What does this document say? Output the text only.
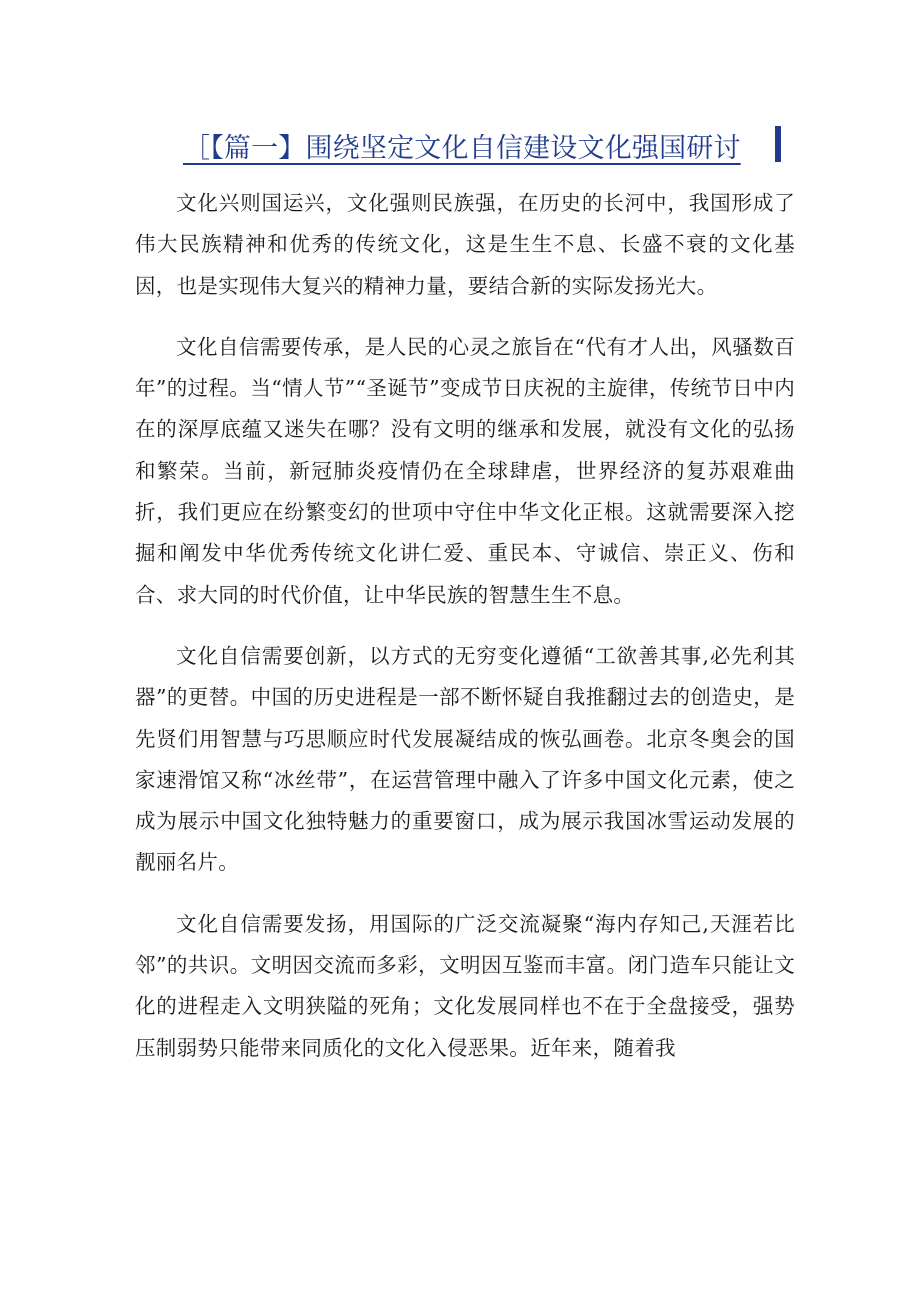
［【篇一】围绕坚定文化自信建设文化强国研讨

文化兴则国运兴，文化强则民族强，在历史的长河中，我国形成了伟大民族精神和优秀的传统文化，这是生生不息、长盛不衰的文化基因，也是实现伟大复兴的精神力量，要结合新的实际发扬光大。

文化自信需要传承，是人民的心灵之旅旨在“代有才人出，风骚数百年”的过程。当“情人节”“圣诞节”变成节日庆祝的主旋律，传统节日中内在的深厚底蕴又迷失在哪？没有文明的继承和发展，就没有文化的弘扬和繁荣。当前，新冠肺炎疫情仍在全球肆虐，世界经济的复苏艰难曲折，我们更应在纷繁变幻的世项中守住中华文化正根。这就需要深入挖掘和阐发中华优秀传统文化讲仁爱、重民本、守诚信、崇正义、伤和合、求大同的时代价值，让中华民族的智慧生生不息。

文化自信需要创新，以方式的无穷变化遵循“工欲善其事,必先利其器”的更替。中国的历史进程是一部不断怀疑自我推翻过去的创造史，是先贤们用智慧与巧思顺应时代发展凝结成的恢弘画卷。北京冬奥会的国家速滑馆又称“冰丝带”，在运营管理中融入了许多中国文化元素，使之成为展示中国文化独特魅力的重要窗口，成为展示我国冰雪运动发展的靓丽名片。

文化自信需要发扬，用国际的广泛交流凝聚“海内存知己,天涯若比邻”的共识。文明因交流而多彩，文明因互鉴而丰富。闭门造车只能让文化的进程走入文明狭隘的死角；文化发展同样也不在于全盘接受，强势压制弱势只能带来同质化的文化入侵恶果。近年来，随着我
